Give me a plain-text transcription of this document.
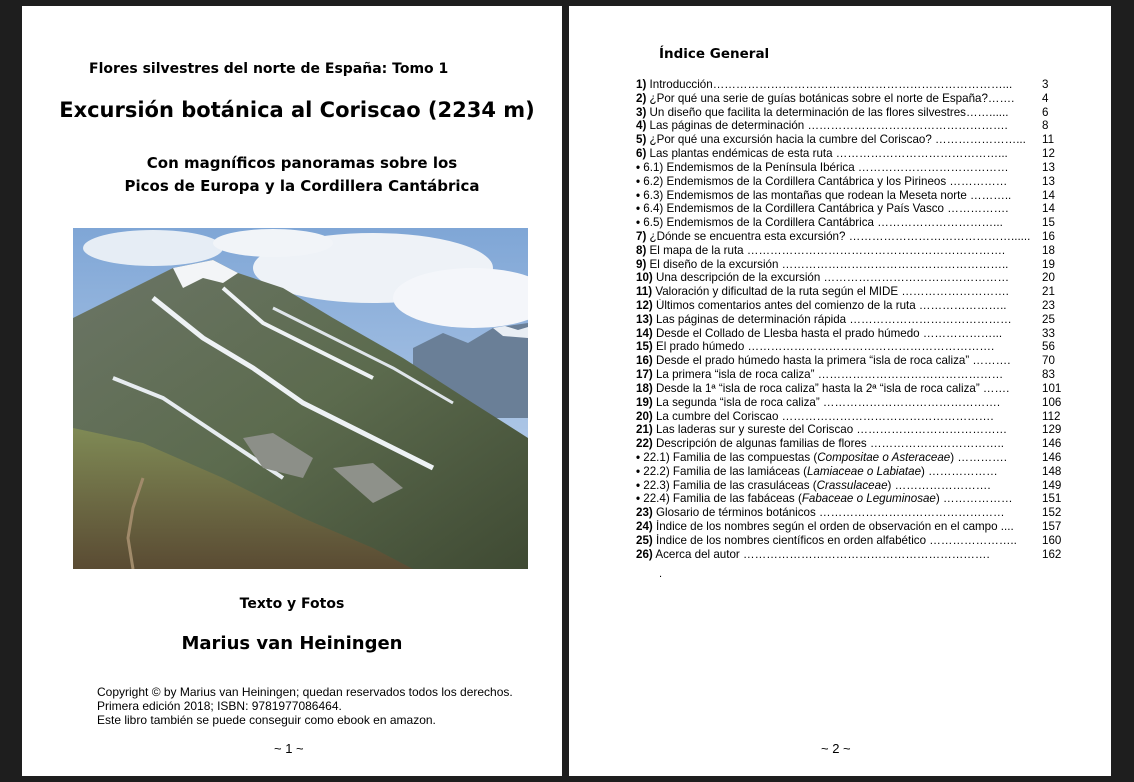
Flores silvestres del norte de España: Tomo 1
Excursión botánica al Coriscao (2234 m)
Con magníficos panoramas sobre los
Picos de Europa y la Cordillera Cantábrica
Texto y Fotos
Marius van Heiningen
Copyright © by Marius van Heiningen; quedan reservados todos los derechos.
Primera edición 2018; ISBN: 9781977086464.
Este libro también se puede conseguir como ebook en amazon.
~ 1 ~
Índice General
1) Introducción…………………………………………………………………...	3
2) ¿Por qué una serie de guías botánicas sobre el norte de España?……. 4
3) Un diseño que facilita la determinación de las flores silvestres……......	6
4) Las páginas de determinación …………………………………………….	8
5) ¿Por qué una excursión hacia la cumbre del Coriscao? …………………... 11
6) Las plantas endémicas de esta ruta ……………………………………...	12
• 6.1) Endemismos de la Península Ibérica …………………………………	13
• 6.2) Endemismos de la Cordillera Cantábrica y los Pirineos ……………	13
• 6.3) Endemismos de las montañas que rodean la Meseta norte ………..	14
• 6.4) Endemismos de la Cordillera Cantábrica y País Vasco …………….	14
• 6.5) Endemismos de la Cordillera Cantábrica …………………………...	15
7) ¿Dónde se encuentra esta excursión? ……………………………………...... 16
8) El mapa de la ruta ………………………………………………………….	18
9) El diseño de la excursión …………………………………………………..	19
10) Una descripción de la excursión …………………………………………	20
11) Valoración y dificultad de la ruta según el MIDE ……………………….	21
12) Últimos comentarios antes del comienzo de la ruta …………………..	23
13) Las páginas de determinación rápida ……………………………………	25
14) Desde el Collado de Llesba hasta el prado húmedo ………………...	33
15) El prado húmedo ……………………………………………………….	56
16) Desde el prado húmedo hasta la primera “isla de roca caliza” ……….	70
17) La primera “isla de roca caliza” …………………………………………	83
18) Desde la 1ª “isla de roca caliza” hasta la 2ª “isla de roca caliza” …….	101
19) La segunda “isla de roca caliza” ……………………………………….	106
20) La cumbre del Coriscao ……………………………………………….	112
21) Las laderas sur y sureste del Coriscao …………………………………	129
22) Descripción de algunas familias de flores ……………………………..	146
• 22.1) Familia de las compuestas (Compositae o Asteraceae) ………….	146
• 22.2) Familia de las lamiáceas (Lamiaceae o Labiatae) ………………	148
• 22.3) Familia de las crasuláceas (Crassulaceae) …………………….	149
• 22.4) Familia de las fabáceas (Fabaceae o Leguminosae) ………………	151
23) Glosario de términos botánicos …………………………………………	152
24) Índice de los nombres según el orden de observación en el campo .... 157
25) Índice de los nombres científicos en orden alfabético ………………….. 160
26) Acerca del autor ……………………………………………………….	162
.
~ 2 ~
